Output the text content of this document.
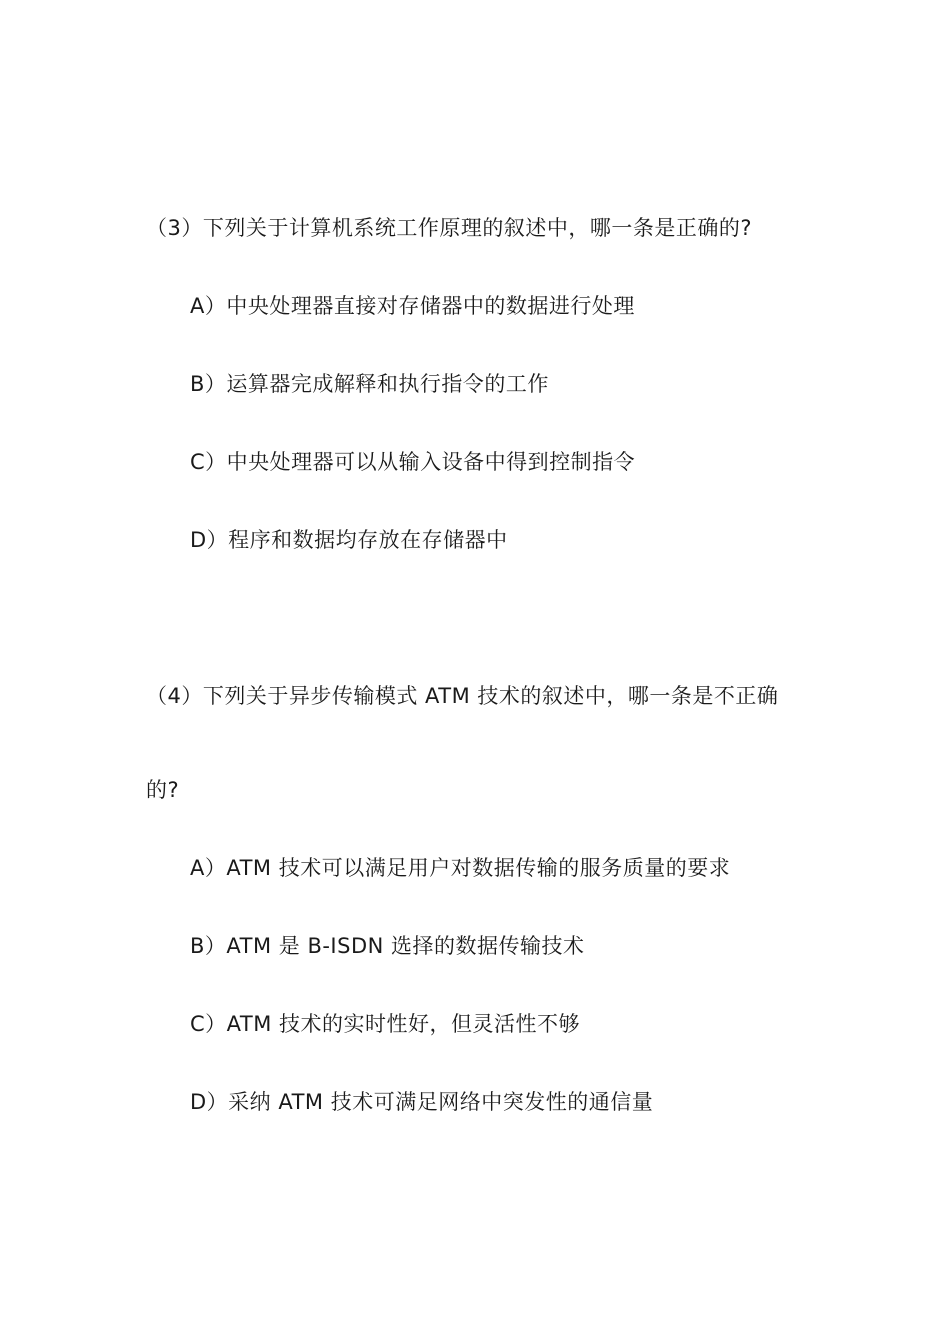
（3）下列关于计算机系统工作原理的叙述中，哪一条是正确的?
A）中央处理器直接对存储器中的数据进行处理
B）运算器完成解释和执行指令的工作
C）中央处理器可以从输入设备中得到控制指令
D）程序和数据均存放在存储器中
（4）下列关于异步传输模式 ATM 技术的叙述中，哪一条是不正确
的?
A）ATM 技术可以满足用户对数据传输的服务质量的要求
B）ATM 是 B-ISDN 选择的数据传输技术
C）ATM 技术的实时性好，但灵活性不够
D）采纳 ATM 技术可满足网络中突发性的通信量
